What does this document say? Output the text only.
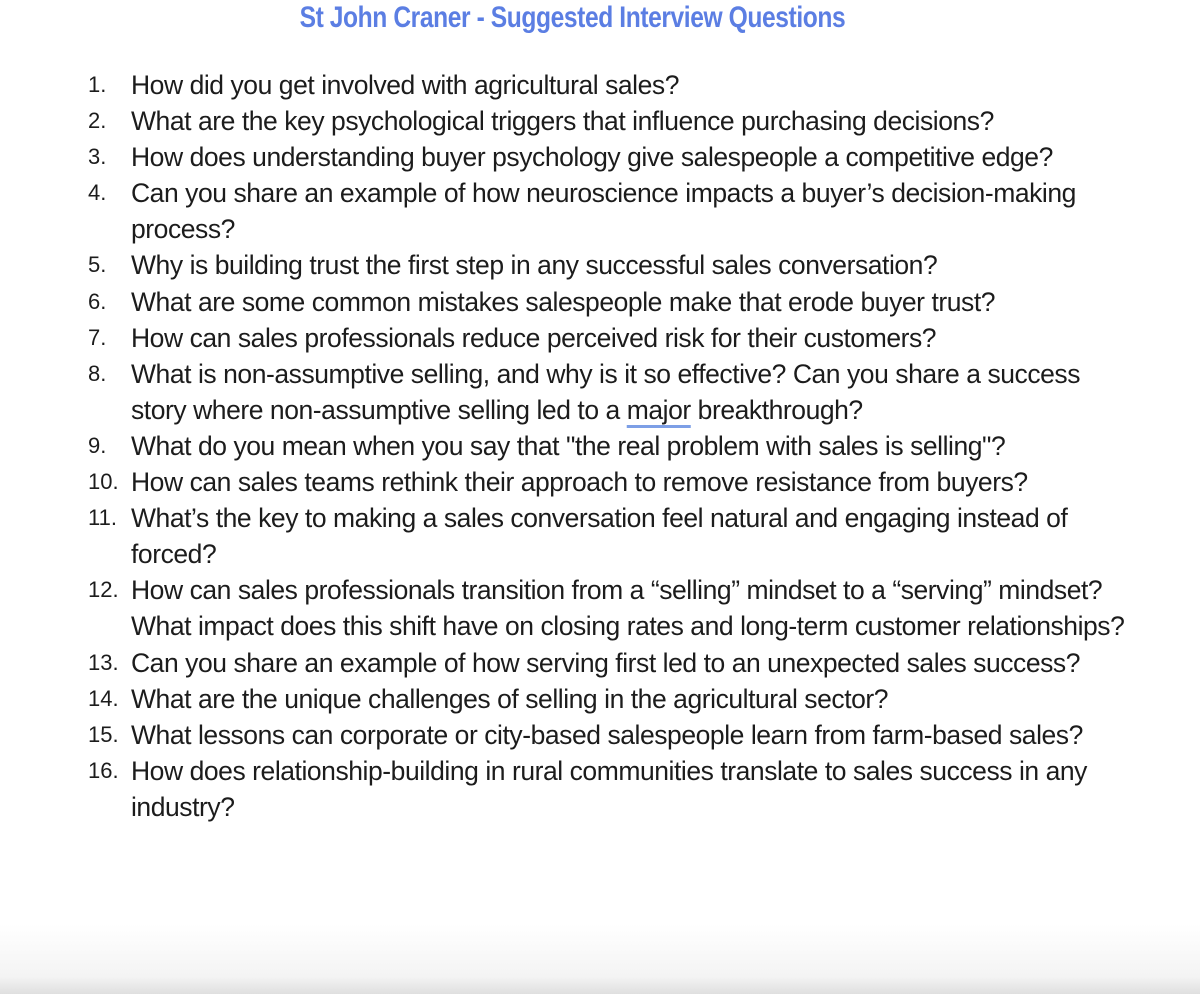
St John Craner - Suggested Interview Questions
1. How did you get involved with agricultural sales?
2. What are the key psychological triggers that influence purchasing decisions?
3. How does understanding buyer psychology give salespeople a competitive edge?
4. Can you share an example of how neuroscience impacts a buyer’s decision-making process?
5. Why is building trust the first step in any successful sales conversation?
6. What are some common mistakes salespeople make that erode buyer trust?
7. How can sales professionals reduce perceived risk for their customers?
8. What is non-assumptive selling, and why is it so effective? Can you share a success story where non-assumptive selling led to a major breakthrough?
9. What do you mean when you say that "the real problem with sales is selling"?
10. How can sales teams rethink their approach to remove resistance from buyers?
11. What’s the key to making a sales conversation feel natural and engaging instead of forced?
12. How can sales professionals transition from a “selling” mindset to a “serving” mindset? What impact does this shift have on closing rates and long-term customer relationships?
13. Can you share an example of how serving first led to an unexpected sales success?
14. What are the unique challenges of selling in the agricultural sector?
15. What lessons can corporate or city-based salespeople learn from farm-based sales?
16. How does relationship-building in rural communities translate to sales success in any industry?
